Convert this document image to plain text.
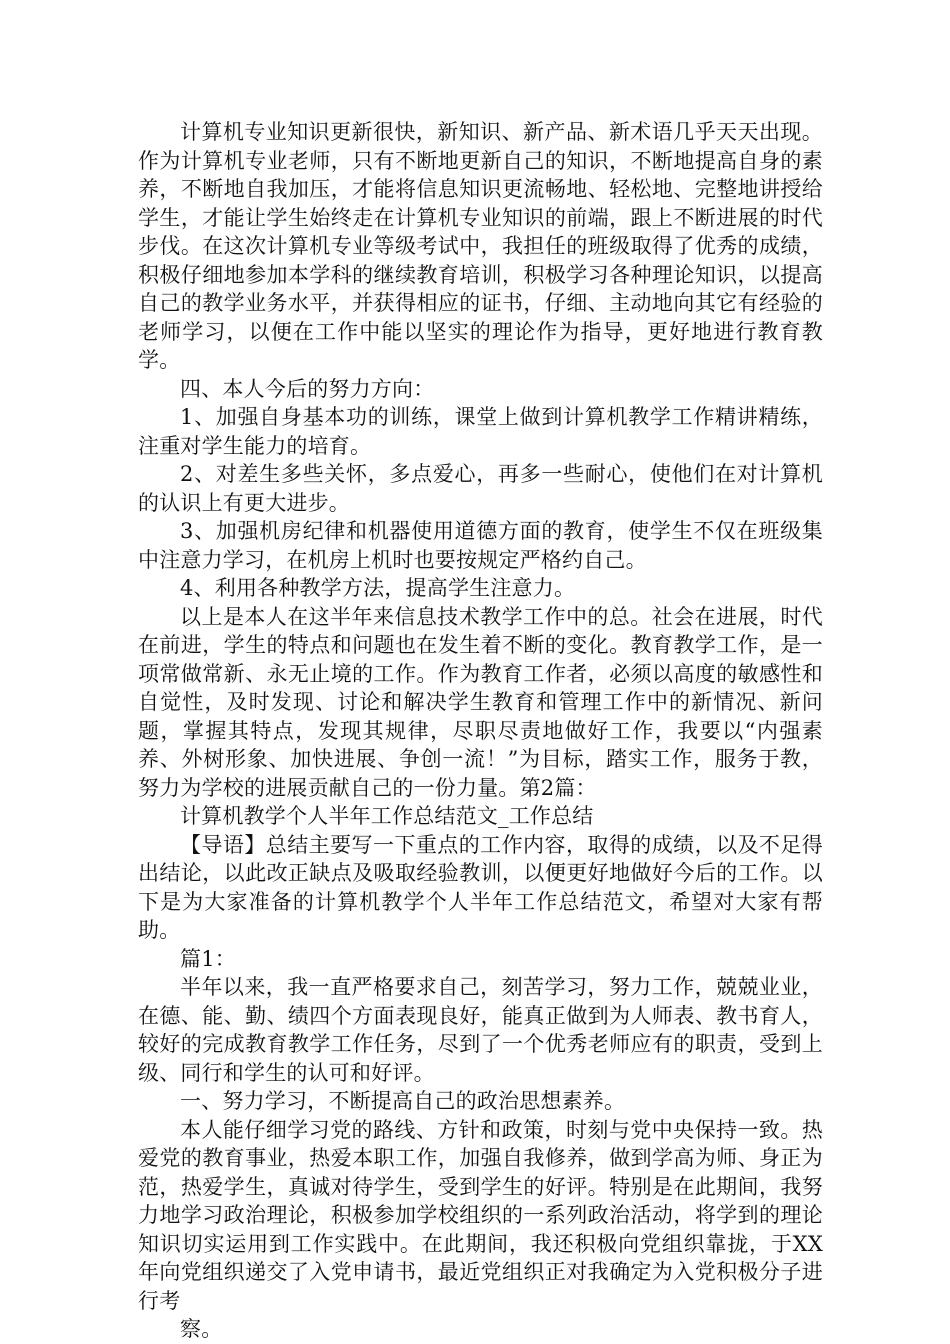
计算机专业知识更新很快，新知识、新产品、新术语几乎天天出现。作为计算机专业老师，只有不断地更新自己的知识，不断地提高自身的素养，不断地自我加压，才能将信息知识更流畅地、轻松地、完整地讲授给学生，才能让学生始终走在计算机专业知识的前端，跟上不断进展的时代步伐。在这次计算机专业等级考试中，我担任的班级取得了优秀的成绩，积极仔细地参加本学科的继续教育培训，积极学习各种理论知识，以提高自己的教学业务水平，并获得相应的证书，仔细、主动地向其它有经验的老师学习，以便在工作中能以坚实的理论作为指导，更好地进行教育教学。

四、本人今后的努力方向：

1、加强自身基本功的训练，课堂上做到计算机教学工作精讲精练，注重对学生能力的培育。

2、对差生多些关怀，多点爱心，再多一些耐心，使他们在对计算机的认识上有更大进步。

3、加强机房纪律和机器使用道德方面的教育，使学生不仅在班级集中注意力学习，在机房上机时也要按规定严格约自己。

4、利用各种教学方法，提高学生注意力。

以上是本人在这半年来信息技术教学工作中的总。社会在进展，时代在前进，学生的特点和问题也在发生着不断的变化。教育教学工作，是一项常做常新、永无止境的工作。作为教育工作者，必须以高度的敏感性和自觉性，及时发现、讨论和解决学生教育和管理工作中的新情况、新问题，掌握其特点，发现其规律，尽职尽责地做好工作，我要以“内强素养、外树形象、加快进展、争创一流！”为目标，踏实工作，服务于教，努力为学校的进展贡献自己的一份力量。第2篇：

计算机教学个人半年工作总结范文_工作总结

【导语】总结主要写一下重点的工作内容，取得的成绩，以及不足得出结论，以此改正缺点及吸取经验教训，以便更好地做好今后的工作。以下是为大家准备的计算机教学个人半年工作总结范文，希望对大家有帮助。

篇1：

半年以来，我一直严格要求自己，刻苦学习，努力工作，兢兢业业，在德、能、勤、绩四个方面表现良好，能真正做到为人师表、教书育人，较好的完成教育教学工作任务，尽到了一个优秀老师应有的职责，受到上级、同行和学生的认可和好评。

一、努力学习，不断提高自己的政治思想素养。

本人能仔细学习党的路线、方针和政策，时刻与党中央保持一致。热爱党的教育事业，热爱本职工作，加强自我修养，做到学高为师、身正为范，热爱学生，真诚对待学生，受到学生的好评。特别是在此期间，我努力地学习政治理论，积极参加学校组织的一系列政治活动，将学到的理论知识切实运用到工作实践中。在此期间，我还积极向党组织靠拢，于XX年向党组织递交了入党申请书，最近党组织正对我确定为入党积极分子进行考

察。
